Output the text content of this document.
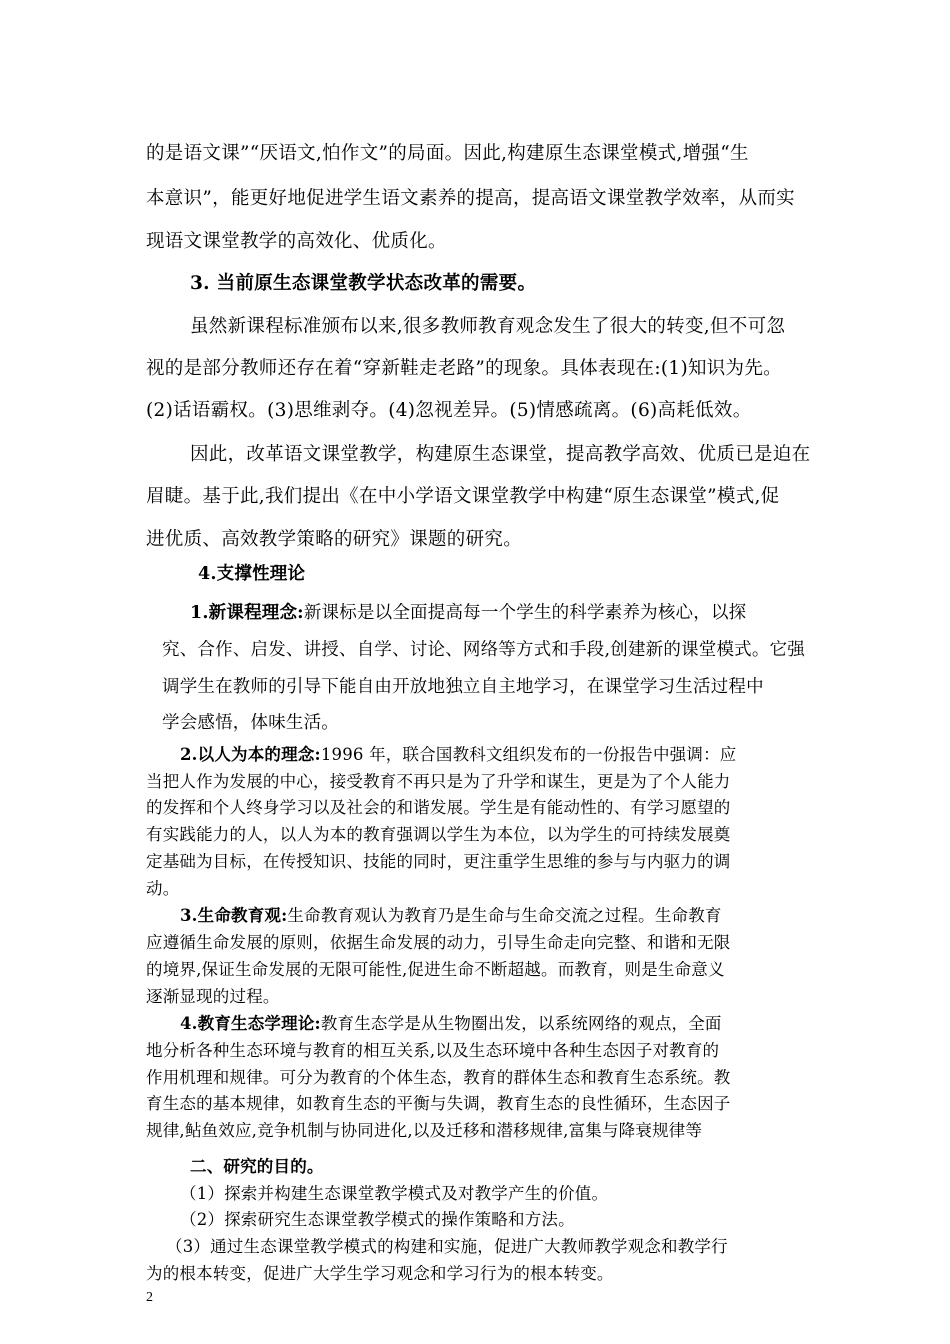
的是语文课”“厌语文,怕作文”的局面。因此,构建原生态课堂模式,增强“生
本意识”，能更好地促进学生语文素养的提高，提高语文课堂教学效率，从而实
现语文课堂教学的高效化、优质化。
3. 当前原生态课堂教学状态改革的需要。
虽然新课程标准颁布以来,很多教师教育观念发生了很大的转变,但不可忽
视的是部分教师还存在着“穿新鞋走老路”的现象。具体表现在:(1)知识为先。
(2)话语霸权。(3)思维剥夺。(4)忽视差异。(5)情感疏离。(6)高耗低效。
因此，改革语文课堂教学，构建原生态课堂，提高教学高效、优质已是迫在
眉睫。基于此,我们提出《在中小学语文课堂教学中构建“原生态课堂”模式,促
进优质、高效教学策略的研究》课题的研究。
4.支撑性理论
1.新课程理念:新课标是以全面提高每一个学生的科学素养为核心，以探
究、合作、启发、讲授、自学、讨论、网络等方式和手段,创建新的课堂模式。它强
调学生在教师的引导下能自由开放地独立自主地学习，在课堂学习生活过程中
学会感悟，体味生活。
2.以人为本的理念:1996 年，联合国教科文组织发布的一份报告中强调：应
当把人作为发展的中心，接受教育不再只是为了升学和谋生，更是为了个人能力
的发挥和个人终身学习以及社会的和谐发展。学生是有能动性的、有学习愿望的
有实践能力的人，以人为本的教育强调以学生为本位，以为学生的可持续发展奠
定基础为目标，在传授知识、技能的同时，更注重学生思维的参与与内驱力的调
动。
3.生命教育观:生命教育观认为教育乃是生命与生命交流之过程。生命教育
应遵循生命发展的原则，依据生命发展的动力，引导生命走向完整、和谐和无限
的境界,保证生命发展的无限可能性,促进生命不断超越。而教育，则是生命意义
逐渐显现的过程。
4.教育生态学理论:教育生态学是从生物圈出发，以系统网络的观点，全面
地分析各种生态环境与教育的相互关系,以及生态环境中各种生态因子对教育的
作用机理和规律。可分为教育的个体生态，教育的群体生态和教育生态系统。教
育生态的基本规律，如教育生态的平衡与失调，教育生态的良性循环，生态因子
规律,鲇鱼效应,竞争机制与协同进化,以及迁移和潜移规律,富集与降衰规律等
二、研究的目的。
（1）探索并构建生态课堂教学模式及对教学产生的价值。
（2）探索研究生态课堂教学模式的操作策略和方法。
（3）通过生态课堂教学模式的构建和实施，促进广大教师教学观念和教学行
为的根本转变，促进广大学生学习观念和学习行为的根本转变。
2
